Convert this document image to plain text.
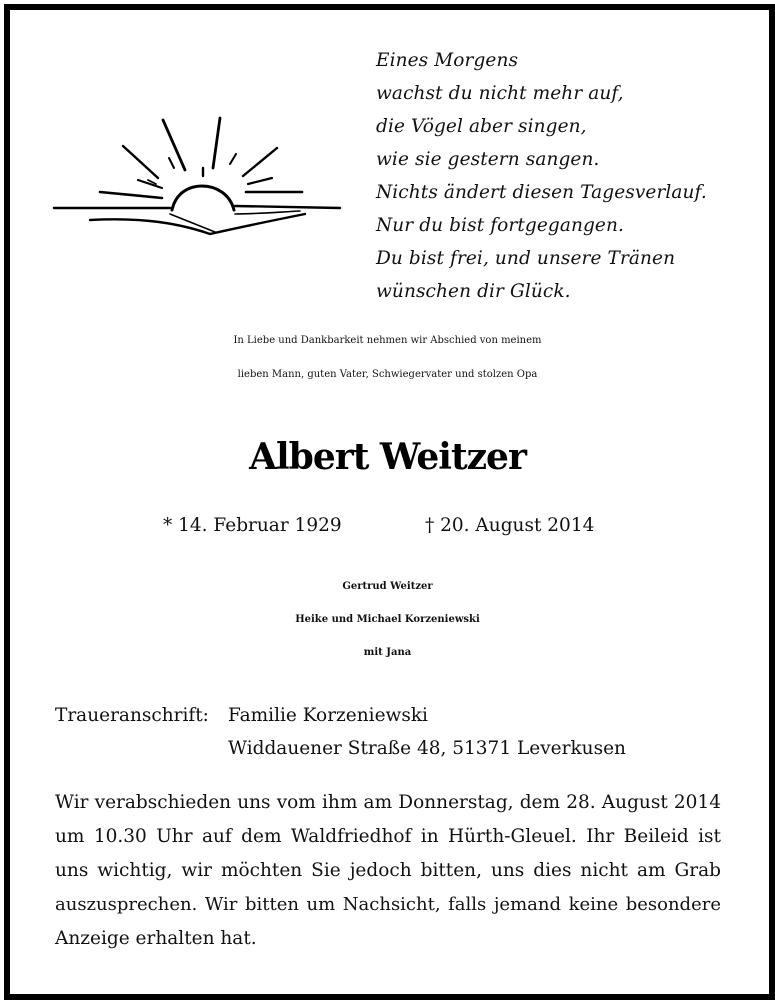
Eines Morgens
wachst du nicht mehr auf,
die Vögel aber singen,
wie sie gestern sangen.
Nichts ändert diesen Tagesverlauf.
Nur du bist fortgegangen.
Du bist frei, und unsere Tränen
wünschen dir Glück.
In Liebe und Dankbarkeit nehmen wir Abschied von meinem
lieben Mann, guten Vater, Schwiegervater und stolzen Opa
Albert Weitzer
* 14. Februar 1929	† 20. August 2014
Gertrud Weitzer
Heike und Michael Korzeniewski
mit Jana
Traueranschrift: Familie Korzeniewski
Widdauener Straße 48, 51371 Leverkusen
Wir verabschieden uns vom ihm am Donnerstag, dem 28. August 2014
um 10.30 Uhr auf dem Waldfriedhof in Hürth-Gleuel. Ihr Beileid ist
uns wichtig, wir möchten Sie jedoch bitten, uns dies nicht am Grab
auszusprechen. Wir bitten um Nachsicht, falls jemand keine besondere
Anzeige erhalten hat.
